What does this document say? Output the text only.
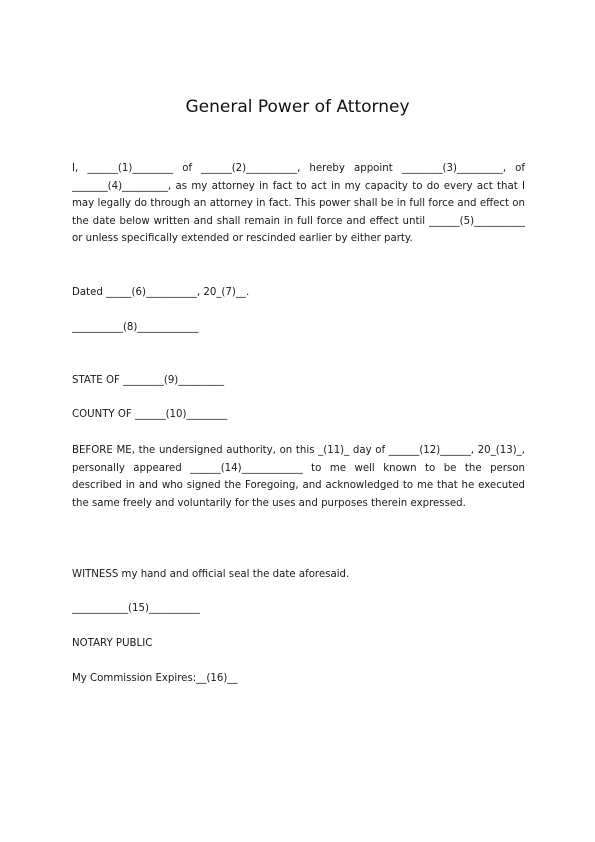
General Power of Attorney

I, ______(1)________ of ______(2)__________, hereby appoint ________(3)_________, of _______(4)_________, as my attorney in fact to act in my capacity to do every act that I may legally do through an attorney in fact. This power shall be in full force and effect on the date below written and shall remain in full force and effect until ______(5)__________ or unless specifically extended or rescinded earlier by either party.

Dated _____(6)__________, 20_(7)__.

__________(8)____________

STATE OF ________(9)_________

COUNTY OF ______(10)________

BEFORE ME, the undersigned authority, on this _(11)_ day of ______(12)______, 20_(13)_, personally appeared ______(14)____________ to me well known to be the person described in and who signed the Foregoing, and acknowledged to me that he executed the same freely and voluntarily for the uses and purposes therein expressed.

WITNESS my hand and official seal the date aforesaid.

___________(15)__________

NOTARY PUBLIC

My Commission Expires:__(16)__
